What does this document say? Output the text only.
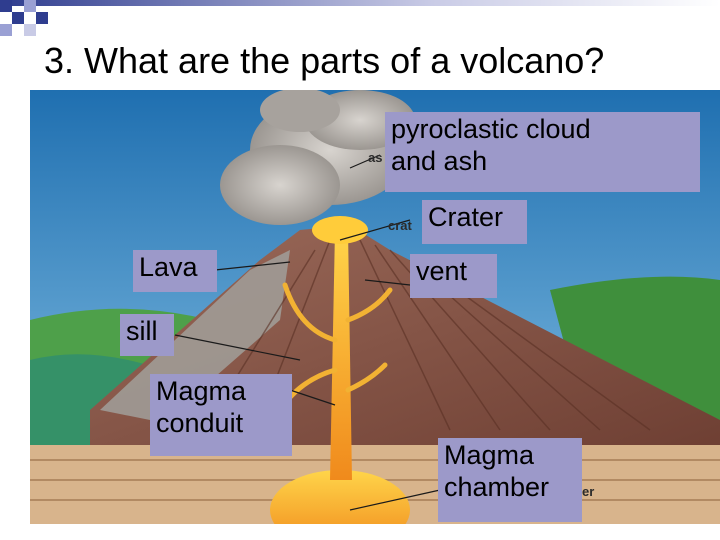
3. What are the parts of a volcano?
as
crat
er
pyroclastic cloud
and ash
Crater
Lava	vent
sill
Magma
conduit
Magma
chamber
